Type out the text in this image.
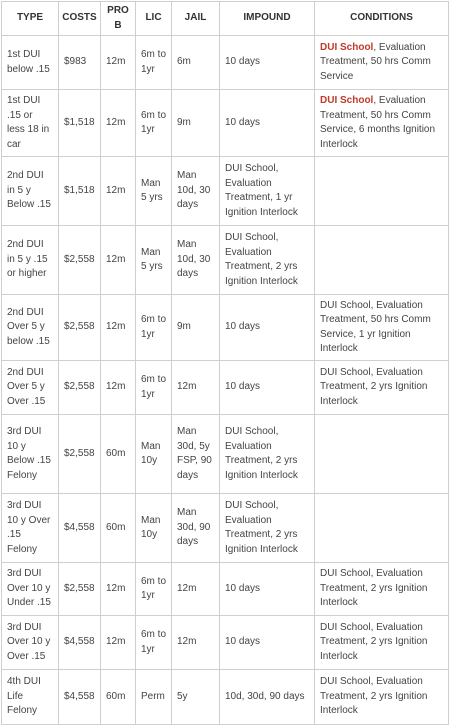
TYPE	COSTS	PROB	LIC	JAIL	IMPOUND	CONDITIONS
1st DUI below .15	$983	12m	6m to 1yr	6m	10 days	DUI School, Evaluation Treatment, 50 hrs Comm Service
1st DUI .15 or less 18 in car	$1,518	12m	6m to 1yr	9m	10 days	DUI School, Evaluation Treatment, 50 hrs Comm Service, 6 months Ignition Interlock
2nd DUI in 5 y Below .15	$1,518	12m	Man 5 yrs	Man 10d, 30 days	DUI School, Evaluation Treatment, 1 yr Ignition Interlock	
2nd DUI in 5 y .15 or higher	$2,558	12m	Man 5 yrs	Man 10d, 30 days	DUI School, Evaluation Treatment, 2 yrs Ignition Interlock	
2nd DUI Over 5 y below .15	$2,558	12m	6m to 1yr	9m	10 days	DUI School, Evaluation Treatment, 50 hrs Comm Service, 1 yr Ignition Interlock
2nd DUI Over 5 y Over .15	$2,558	12m	6m to 1yr	12m	10 days	DUI School, Evaluation Treatment, 2 yrs Ignition Interlock
3rd DUI 10 y Below .15 Felony	$2,558	60m	Man 10y	Man 30d, 5y FSP, 90 days	DUI School, Evaluation Treatment, 2 yrs Ignition Interlock	
3rd DUI 10 y Over .15 Felony	$4,558	60m	Man 10y	Man 30d, 90 days	DUI School, Evaluation Treatment, 2 yrs Ignition Interlock	
3rd DUI Over 10 y Under .15	$2,558	12m	6m to 1yr	12m	10 days	DUI School, Evaluation Treatment, 2 yrs Ignition Interlock
3rd DUI Over 10 y Over .15	$4,558	12m	6m to 1yr	12m	10 days	DUI School, Evaluation Treatment, 2 yrs Ignition Interlock
4th DUI Life Felony	$4,558	60m	Perm	5y	10d, 30d, 90 days	DUI School, Evaluation Treatment, 2 yrs Ignition Interlock
